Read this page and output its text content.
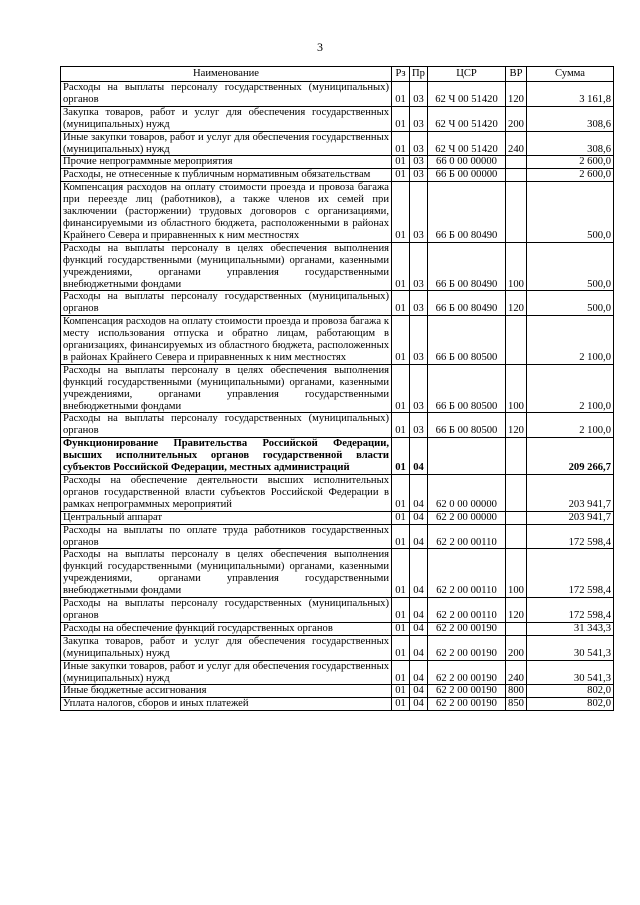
3
Наименование	Рз	Пр	ЦСР	ВР	Сумма
Расходы на выплаты персоналу государственных (муниципальных) органов	01	03	62 Ч 00 51420	120	3 161,8
Закупка товаров, работ и услуг для обеспечения государственных (муниципальных) нужд	01	03	62 Ч 00 51420	200	308,6
Иные закупки товаров, работ и услуг для обеспечения государственных (муниципальных) нужд	01	03	62 Ч 00 51420	240	308,6
Прочие непрограммные мероприятия	01	03	66 0 00 00000		2 600,0
Расходы, не отнесенные к публичным нормативным обязательствам	01	03	66 Б 00 00000		2 600,0
Компенсация расходов на оплату стоимости проезда и провоза багажа при переезде лиц (работников), а также членов их семей при заключении (расторжении) трудовых договоров с организациями, финансируемыми из областного бюджета, расположенными в районах Крайнего Севера и приравненных к ним местностях	01	03	66 Б 00 80490		500,0
Расходы на выплаты персоналу в целях обеспечения выполнения функций государственными (муниципальными) органами, казенными учреждениями, органами управления государственными внебюджетными фондами	01	03	66 Б 00 80490	100	500,0
Расходы на выплаты персоналу государственных (муниципальных) органов	01	03	66 Б 00 80490	120	500,0
Компенсация расходов на оплату стоимости проезда и провоза багажа к месту использования отпуска и обратно лицам, работающим в организациях, финансируемых из областного бюджета, расположенных в районах Крайнего Севера и приравненных к ним местностях	01	03	66 Б 00 80500		2 100,0
Расходы на выплаты персоналу в целях обеспечения выполнения функций государственными (муниципальными) органами, казенными учреждениями, органами управления государственными внебюджетными фондами	01	03	66 Б 00 80500	100	2 100,0
Расходы на выплаты персоналу государственных (муниципальных) органов	01	03	66 Б 00 80500	120	2 100,0
Функционирование Правительства Российской Федерации, высших исполнительных органов государственной власти субъектов Российской Федерации, местных администраций	01	04			209 266,7
Расходы на обеспечение деятельности высших исполнительных органов государственной власти субъектов Российской Федерации в рамках непрограммных мероприятий	01	04	62 0 00 00000		203 941,7
Центральный аппарат	01	04	62 2 00 00000		203 941,7
Расходы на выплаты по оплате труда работников государственных органов	01	04	62 2 00 00110		172 598,4
Расходы на выплаты персоналу в целях обеспечения выполнения функций государственными (муниципальными) органами, казенными учреждениями, органами управления государственными внебюджетными фондами	01	04	62 2 00 00110	100	172 598,4
Расходы на выплаты персоналу государственных (муниципальных) органов	01	04	62 2 00 00110	120	172 598,4
Расходы на обеспечение функций государственных органов	01	04	62 2 00 00190		31 343,3
Закупка товаров, работ и услуг для обеспечения государственных (муниципальных) нужд	01	04	62 2 00 00190	200	30 541,3
Иные закупки товаров, работ и услуг для обеспечения государственных (муниципальных) нужд	01	04	62 2 00 00190	240	30 541,3
Иные бюджетные ассигнования	01	04	62 2 00 00190	800	802,0
Уплата налогов, сборов и иных платежей	01	04	62 2 00 00190	850	802,0
